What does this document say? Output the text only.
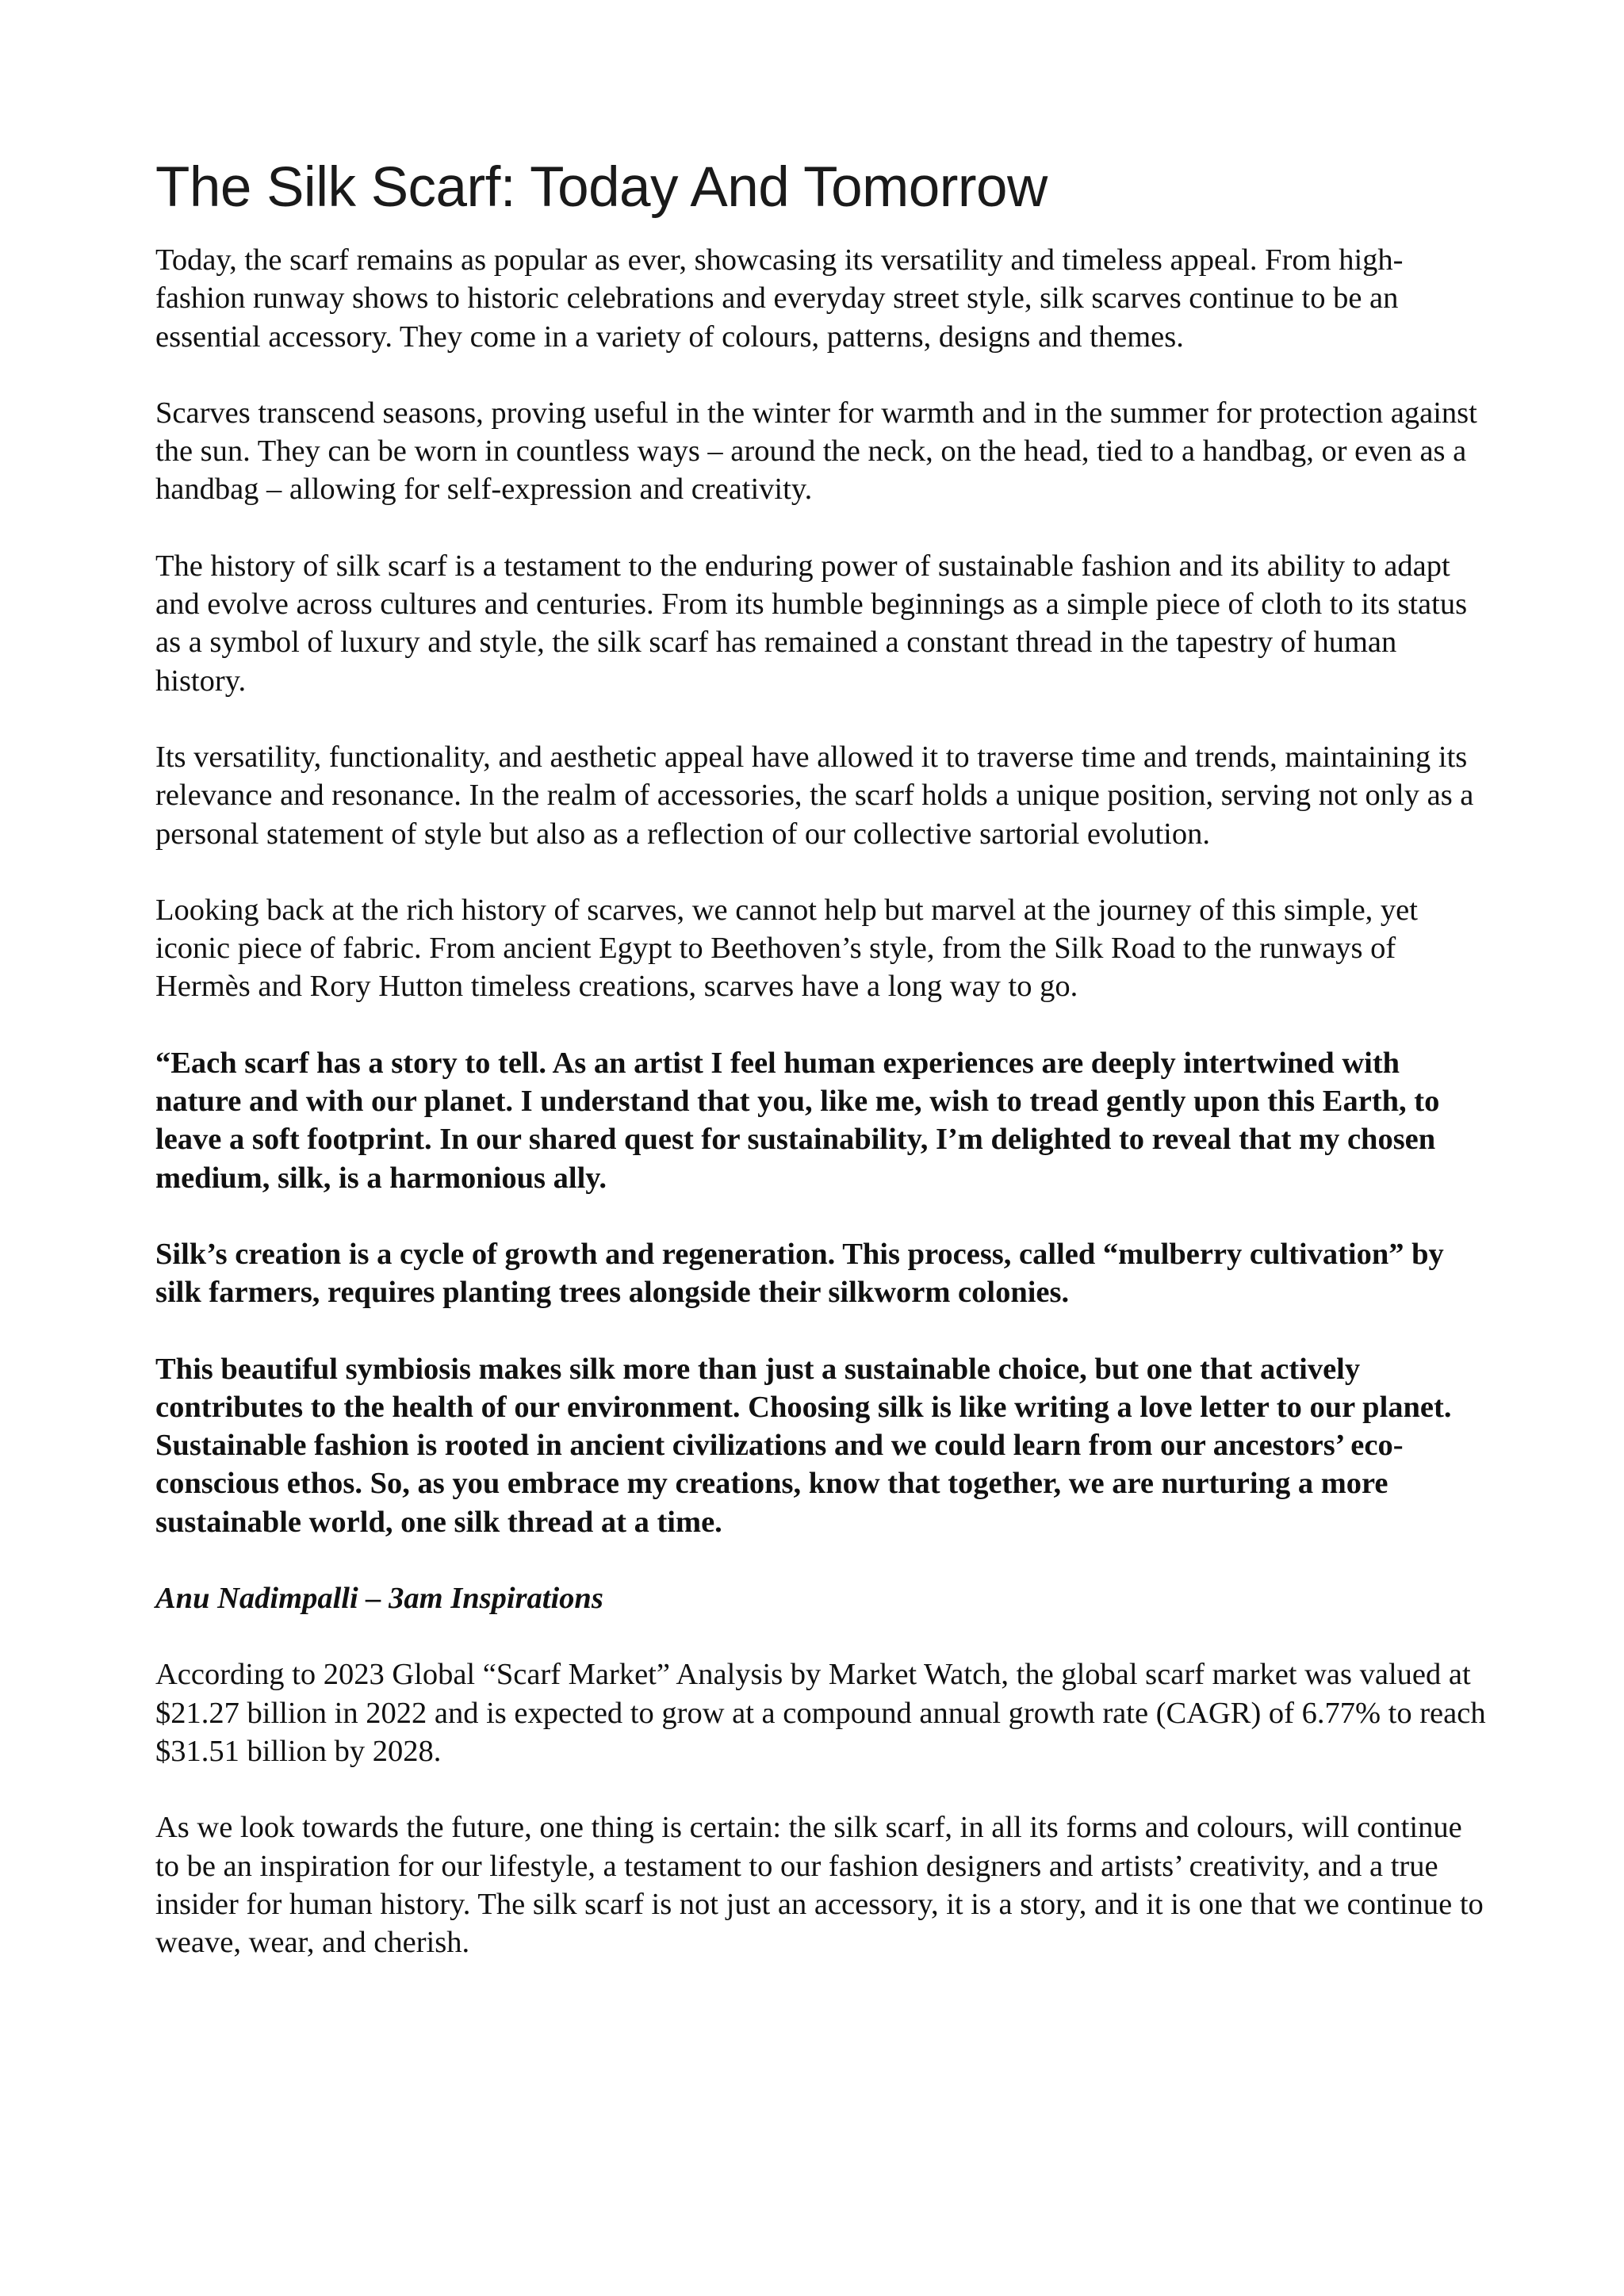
The Silk Scarf: Today And Tomorrow

Today, the scarf remains as popular as ever, showcasing its versatility and timeless appeal. From high-fashion runway shows to historic celebrations and everyday street style, silk scarves continue to be an essential accessory. They come in a variety of colours, patterns, designs and themes.

Scarves transcend seasons, proving useful in the winter for warmth and in the summer for protection against the sun. They can be worn in countless ways – around the neck, on the head, tied to a handbag, or even as a handbag – allowing for self-expression and creativity.

The history of silk scarf is a testament to the enduring power of sustainable fashion and its ability to adapt and evolve across cultures and centuries. From its humble beginnings as a simple piece of cloth to its status as a symbol of luxury and style, the silk scarf has remained a constant thread in the tapestry of human history.

Its versatility, functionality, and aesthetic appeal have allowed it to traverse time and trends, maintaining its relevance and resonance. In the realm of accessories, the scarf holds a unique position, serving not only as a personal statement of style but also as a reflection of our collective sartorial evolution.

Looking back at the rich history of scarves, we cannot help but marvel at the journey of this simple, yet iconic piece of fabric. From ancient Egypt to Beethoven’s style, from the Silk Road to the runways of Hermès and Rory Hutton timeless creations, scarves have a long way to go.

“Each scarf has a story to tell. As an artist I feel human experiences are deeply intertwined with nature and with our planet. I understand that you, like me, wish to tread gently upon this Earth, to leave a soft footprint. In our shared quest for sustainability, I’m delighted to reveal that my chosen medium, silk, is a harmonious ally.

Silk’s creation is a cycle of growth and regeneration. This process, called “mulberry cultivation” by silk farmers, requires planting trees alongside their silkworm colonies.

This beautiful symbiosis makes silk more than just a sustainable choice, but one that actively contributes to the health of our environment. Choosing silk is like writing a love letter to our planet. Sustainable fashion is rooted in ancient civilizations and we could learn from our ancestors’ eco-conscious ethos. So, as you embrace my creations, know that together, we are nurturing a more sustainable world, one silk thread at a time.

Anu Nadimpalli – 3am Inspirations

According to 2023 Global “Scarf Market” Analysis by Market Watch, the global scarf market was valued at $21.27 billion in 2022 and is expected to grow at a compound annual growth rate (CAGR) of 6.77% to reach $31.51 billion by 2028.

As we look towards the future, one thing is certain: the silk scarf, in all its forms and colours, will continue to be an inspiration for our lifestyle, a testament to our fashion designers and artists’ creativity, and a true insider for human history. The silk scarf is not just an accessory, it is a story, and it is one that we continue to weave, wear, and cherish.
